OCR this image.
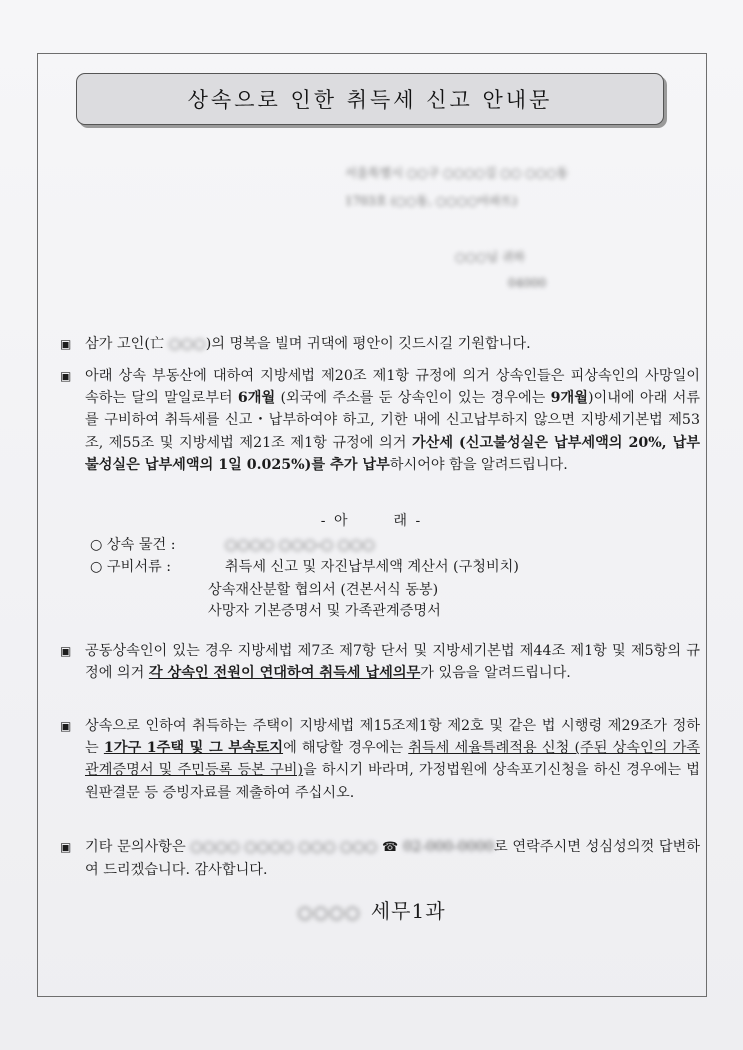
상속으로 인한 취득세 신고 안내문
서울특별시 ○○구 ○○○○길 ○○ ○○○동
1703호 (○○동, ○○○○아파트)
○○○님 귀하
04000
▣ 삼가 고인(亡 ○○○)의 명복을 빌며 귀댁에 평안이 깃드시길 기원합니다.
▣ 아래 상속 부동산에 대하여 지방세법 제20조 제1항 규정에 의거 상속인들은 피상속인의 사망일이 속하는 달의 말일로부터 6개월 (외국에 주소를 둔 상속인이 있는 경우에는 9개월)이내에 아래 서류를 구비하여 취득세를 신고・납부하여야 하고, 기한 내에 신고납부하지 않으면 지방세기본법 제53조, 제55조 및 지방세법 제21조 제1항 규정에 의거 가산세 (신고불성실은 납부세액의 20%, 납부불성실은 납부세액의 1일 0.025%)를 추가 납부하시어야 함을 알려드립니다.
- 아	래 -
○ 상속 물건 :	○○○○ ○○○-○ ○○○
○ 구비서류 :	취득세 신고 및 자진납부세액 계산서 (구청비치)
상속재산분할 협의서 (견본서식 동봉)
사망자 기본증명서 및 가족관계증명서
▣ 공동상속인이 있는 경우 지방세법 제7조 제7항 단서 및 지방세기본법 제44조 제1항 및 제5항의 규정에 의거 각 상속인 전원이 연대하여 취득세 납세의무가 있음을 알려드립니다.
▣ 상속으로 인하여 취득하는 주택이 지방세법 제15조제1항 제2호 및 같은 법 시행령 제29조가 정하는 1가구 1주택 및 그 부속토지에 해당할 경우에는 취득세 세율특례적용 신청 (주된 상속인의 가족관계증명서 및 주민등록 등본 구비)을 하시기 바라며, 가정법원에 상속포기신청을 하신 경우에는 법원판결문 등 증빙자료를 제출하여 주십시오.
▣ 기타 문의사항은 ○○○○ ○○○○ ○○○ ○○○ ☎ 02-000-0000로 연락주시면 성심성의껏 답변하여 드리겠습니다. 감사합니다.
○○○○ 세무1과
